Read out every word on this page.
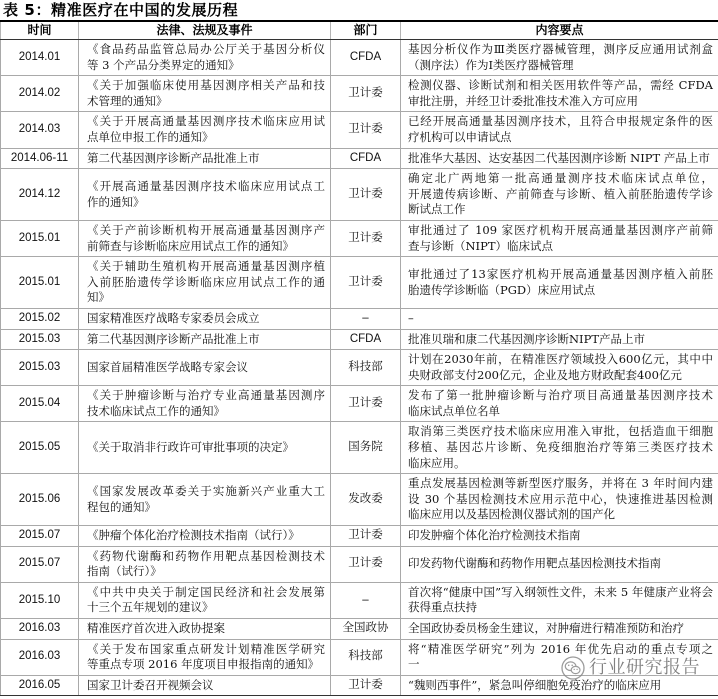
表 5：精准医疗在中国的发展历程
时间	法律、法规及事件	部门	内容要点
2014.01	《食品药品监管总局办公厅关于基因分析仪
等 3 个产品分类界定的通知》	CFDA	基因分析仪作为Ⅲ类医疗器械管理，测序反应通用试剂盒
（测序法）作为Ⅰ类医疗器械管理

2014.02	《关于加强临床使用基因测序相关产品和技
术管理的通知》	卫计委	检测仪器、诊断试剂和相关医用软件等产品，需经 CFDA
审批注册，并经卫计委批准技术准入方可应用

2014.03	《关于开展高通量基因测序技术临床应用试
点单位申报工作的通知》	卫计委	已经开展高通量基因测序技术，且符合申报规定条件的医
疗机构可以申请试点

2014.06-11	第二代基因测序诊断产品批准上市	CFDA	批准华大基因、达安基因二代基因测序诊断 NIPT 产品上市

2014.12	《开展高通量基因测序技术临床应用试点工
作的通知》	卫计委	确定北广两地第一批高通量测序技术临床试点单位，
开展遗传病诊断、产前筛查与诊断、植入前胚胎遗传学诊
断试点工作

2015.01	《关于产前诊断机构开展高通量基因测序产
前筛查与诊断临床应用试点工作的通知》	卫计委	审批通过了 109 家医疗机构开展高通量基因测序产前筛
查与诊断（NIPT）临床试点

2015.01	《关于辅助生殖机构开展高通量基因测序植
入前胚胎遗传学诊断临床应用试点工作的通
知》	卫计委	审批通过了13家医疗机构开展高通量基因测序植入前胚
胎遗传学诊断临（PGD）床应用试点

2015.02	国家精准医疗战略专家委员会成立	–	–

2015.03	第二代基因测序诊断产品批准上市	CFDA	批准贝瑞和康二代基因测序诊断NIPT产品上市

2015.03	国家首届精准医学战略专家会议	科技部	计划在2030年前，在精准医疗领域投入600亿元，其中中
央财政部支付200亿元，企业及地方财政配套400亿元

2015.04	《关于肿瘤诊断与治疗专业高通量基因测序
技术临床试点工作的通知》	卫计委	发布了第一批肿瘤诊断与治疗项目高通量基因测序技术
临床试点单位名单

2015.05	《关于取消非行政许可审批事项的决定》	国务院	取消第三类医疗技术临床应用准入审批，包括造血干细胞
移植、基因芯片诊断、免疫细胞治疗等第三类医疗技术
临床应用。

2015.06	《国家发展改革委关于实施新兴产业重大工
程包的通知》	发改委	重点发展基因检测等新型医疗服务，并将在 3 年时间内建
设 30 个基因检测技术应用示范中心，快速推进基因检测
临床应用以及基因检测仪器试剂的国产化

2015.07	《肿瘤个体化治疗检测技术指南（试行）》	卫计委	印发肿瘤个体化治疗检测技术指南

2015.07	《药物代谢酶和药物作用靶点基因检测技术
指南（试行）》	卫计委	印发药物代谢酶和药物作用靶点基因检测技术指南

2015.10	《中共中央关于制定国民经济和社会发展第
十三个五年规划的建议》	–	首次将“健康中国”写入纲领性文件，未来 5 年健康产业将会
获得重点扶持

2016.03	精准医疗首次进入政协提案	全国政协	全国政协委员杨金生建议，对肿瘤进行精准预防和治疗

2016.03	《关于发布国家重点研发计划精准医学研究
等重点专项 2016 年度项目申报指南的通知》	科技部	将“精准医学研究”列为 2016 年优先启动的重点专项之
一

2016.05	国家卫计委召开视频会议	卫计委	“魏则西事件”，紧急叫停细胞免疫治疗的临床应用
行业研究报告
